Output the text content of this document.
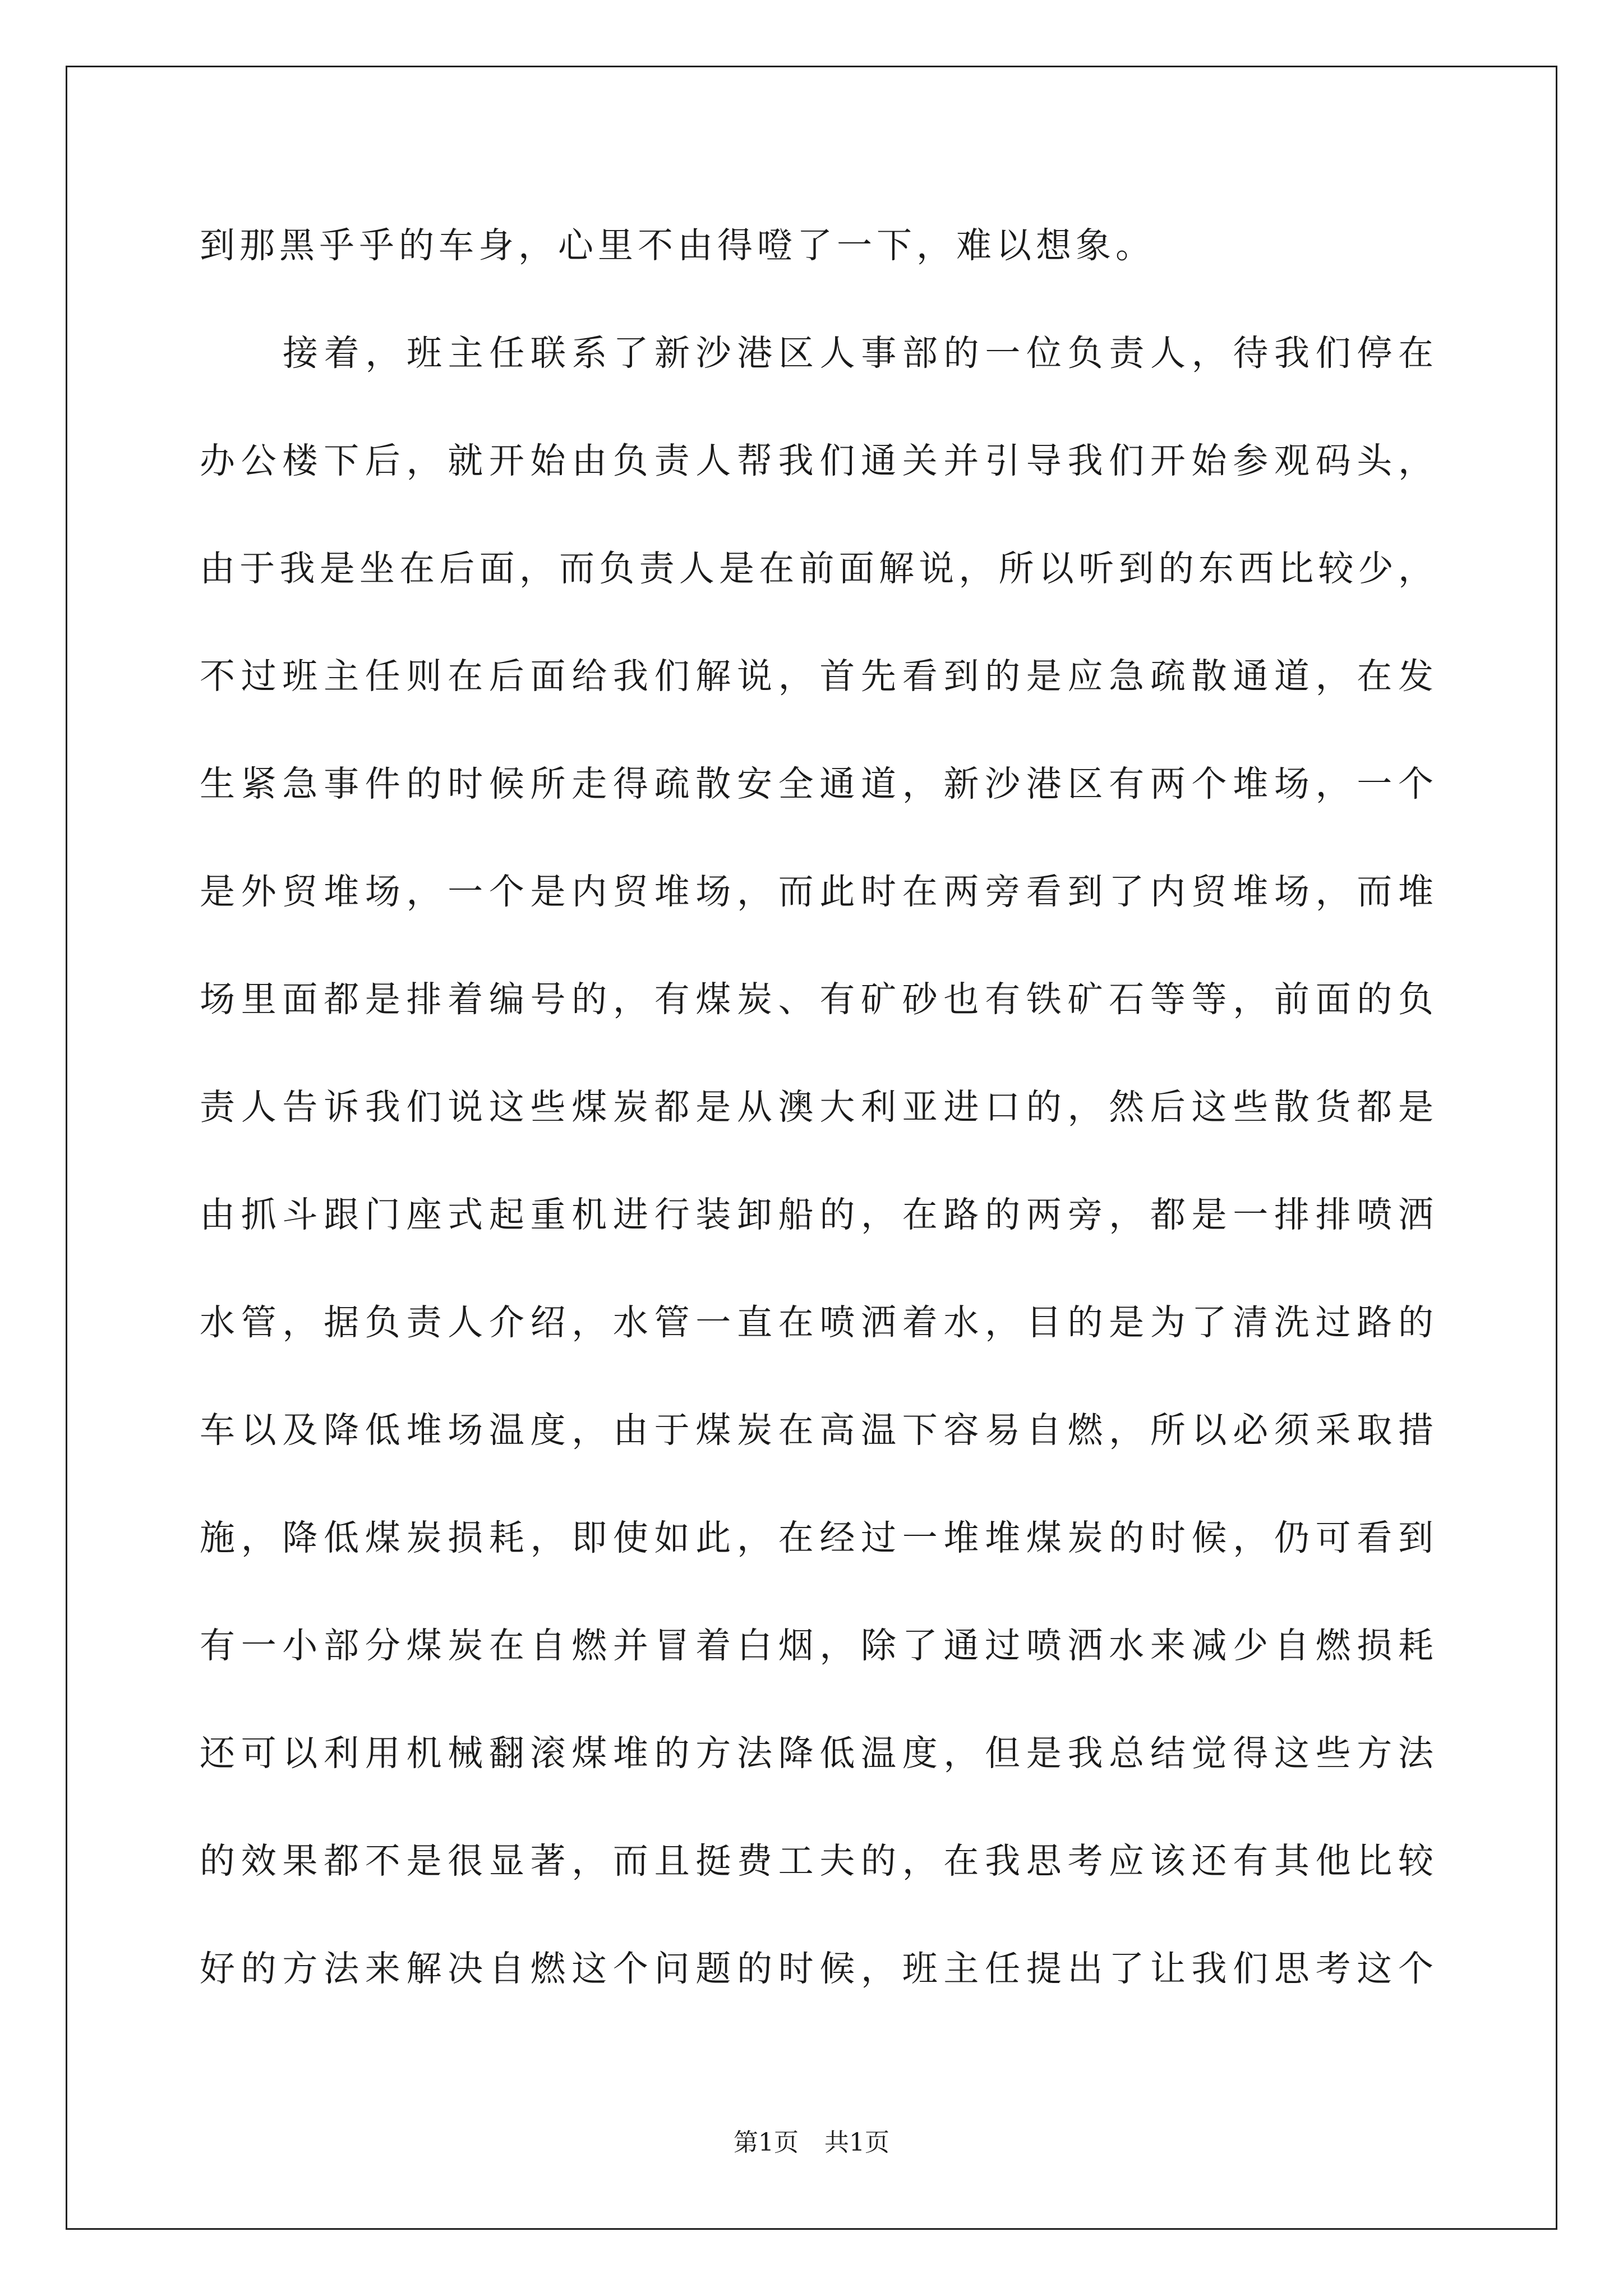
到那黑乎乎的车身，心里不由得噔了一下，难以想象。
接着，班主任联系了新沙港区人事部的一位负责人，待我们停在
办公楼下后，就开始由负责人帮我们通关并引导我们开始参观码头，
由于我是坐在后面，而负责人是在前面解说，所以听到的东西比较少，
不过班主任则在后面给我们解说，首先看到的是应急疏散通道，在发
生紧急事件的时候所走得疏散安全通道，新沙港区有两个堆场，一个
是外贸堆场，一个是内贸堆场，而此时在两旁看到了内贸堆场，而堆
场里面都是排着编号的，有煤炭、有矿砂也有铁矿石等等，前面的负
责人告诉我们说这些煤炭都是从澳大利亚进口的，然后这些散货都是
由抓斗跟门座式起重机进行装卸船的，在路的两旁，都是一排排喷洒
水管，据负责人介绍，水管一直在喷洒着水，目的是为了清洗过路的
车以及降低堆场温度，由于煤炭在高温下容易自燃，所以必须采取措
施，降低煤炭损耗，即使如此，在经过一堆堆煤炭的时候，仍可看到
有一小部分煤炭在自燃并冒着白烟，除了通过喷洒水来减少自燃损耗
还可以利用机械翻滚煤堆的方法降低温度，但是我总结觉得这些方法
的效果都不是很显著，而且挺费工夫的，在我思考应该还有其他比较
好的方法来解决自燃这个问题的时候，班主任提出了让我们思考这个
第1页 共1页
